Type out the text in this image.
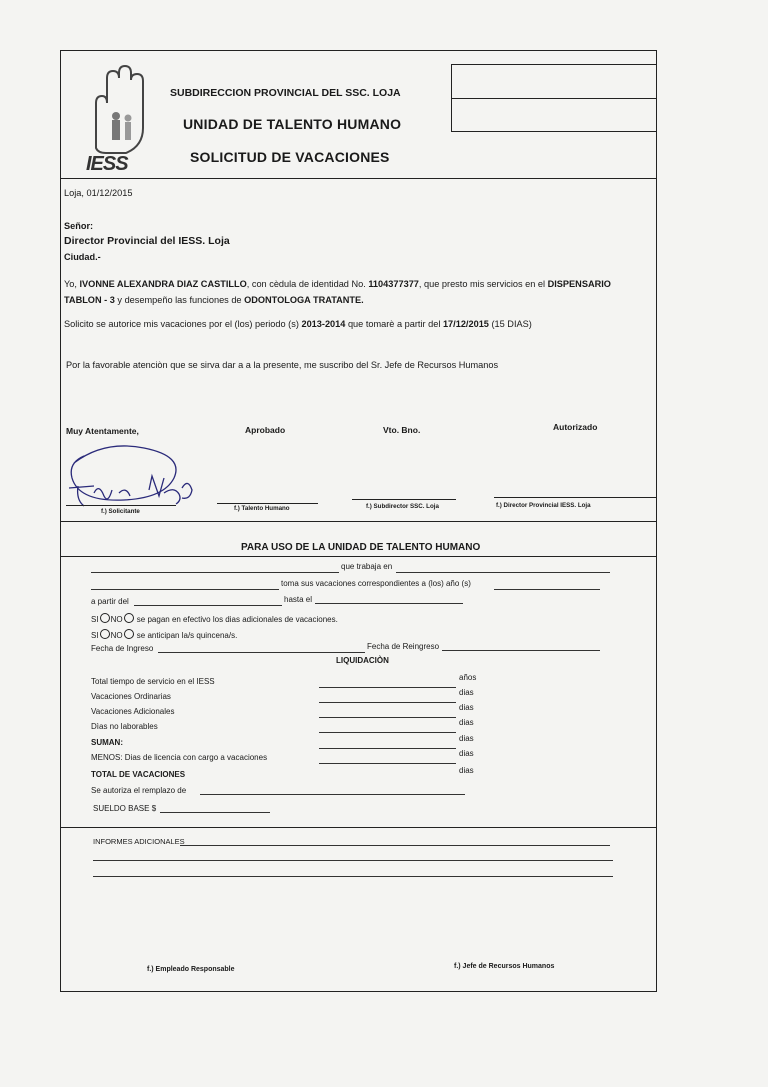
IESS
SUBDIRECCION PROVINCIAL DEL SSC. LOJA
UNIDAD DE TALENTO HUMANO
SOLICITUD DE VACACIONES
Loja, 01/12/2015
Señor:
Director Provincial del IESS. Loja
Ciudad.-
Yo, IVONNE ALEXANDRA DIAZ CASTILLO, con cèdula de identidad No. 1104377377, que presto mis servicios en el DISPENSARIO
TABLON - 3 y desempeño las funciones de ODONTOLOGA TRATANTE.
Solicito se autorice mis vacaciones por el (los) periodo (s) 2013-2014 que tomarè a partir del 17/12/2015 (15 DIAS)
Por la favorable atenciòn que se sirva dar a a la presente, me suscribo del Sr. Jefe de Recursos Humanos
Muy Atentamente,	Aprobado	Vto. Bno.	Autorizado
f.) Solicitante	f.) Talento Humano	f.) Subdirector SSC. Loja	f.) Director Provincial IESS. Loja
PARA USO DE LA UNIDAD DE TALENTO HUMANO
que trabaja en
toma sus vacaciones correspondientes a (los) año (s)
a partir del	hasta el
SI NO se pagan en efectivo los dias adicionales de vacaciones.
SI NO se anticipan la/s quincena/s.
Fecha de Ingreso	Fecha de Reingreso
LIQUIDACIÒN
Total tiempo de servicio en el IESS	años
Vacaciones Ordinarias	dias
Vacaciones Adicionales	dias
Dìas no laborables	dias
SUMAN:	dias
MENOS: Dias de licencia con cargo a vacaciones	dias
TOTAL DE VACACIONES	dias
Se autoriza el remplazo de
SUELDO BASE $
INFORMES ADICIONALES
f.) Empleado Responsable	f.) Jefe de Recursos Humanos
